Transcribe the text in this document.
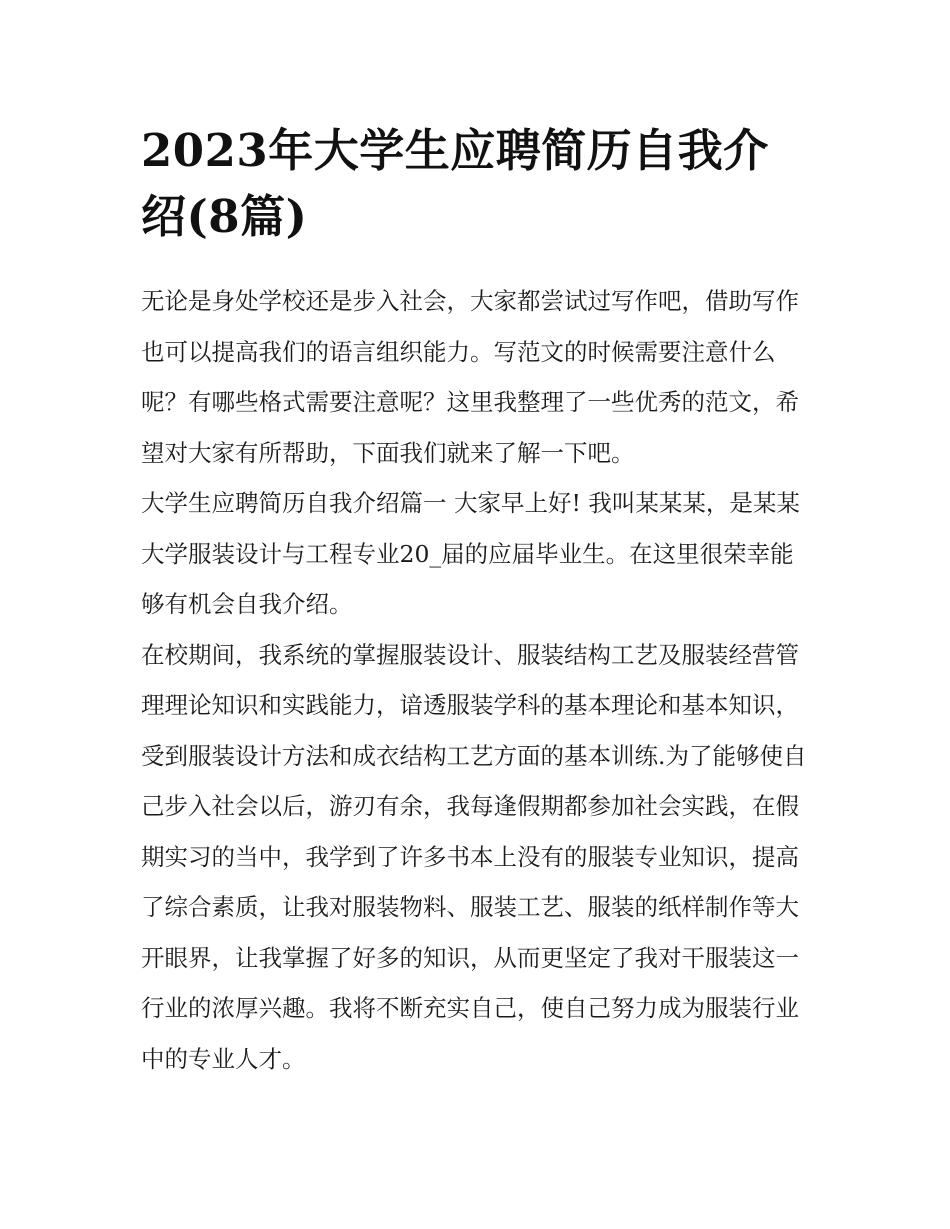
2023年大学生应聘简历自我介绍(8篇)

无论是身处学校还是步入社会，大家都尝试过写作吧，借助写作也可以提高我们的语言组织能力。写范文的时候需要注意什么呢？有哪些格式需要注意呢？这里我整理了一些优秀的范文，希望对大家有所帮助，下面我们就来了解一下吧。

大学生应聘简历自我介绍篇一 大家早上好! 我叫某某某，是某某大学服装设计与工程专业20_届的应届毕业生。在这里很荣幸能够有机会自我介绍。

在校期间，我系统的掌握服装设计、服装结构工艺及服装经营管理理论知识和实践能力，谙透服装学科的基本理论和基本知识，受到服装设计方法和成衣结构工艺方面的基本训练.为了能够使自己步入社会以后，游刃有余，我每逢假期都参加社会实践，在假期实习的当中，我学到了许多书本上没有的服装专业知识，提高了综合素质，让我对服装物料、服装工艺、服装的纸样制作等大开眼界，让我掌握了好多的知识，从而更坚定了我对干服装这一行业的浓厚兴趣。我将不断充实自己，使自己努力成为服装行业中的专业人才。
